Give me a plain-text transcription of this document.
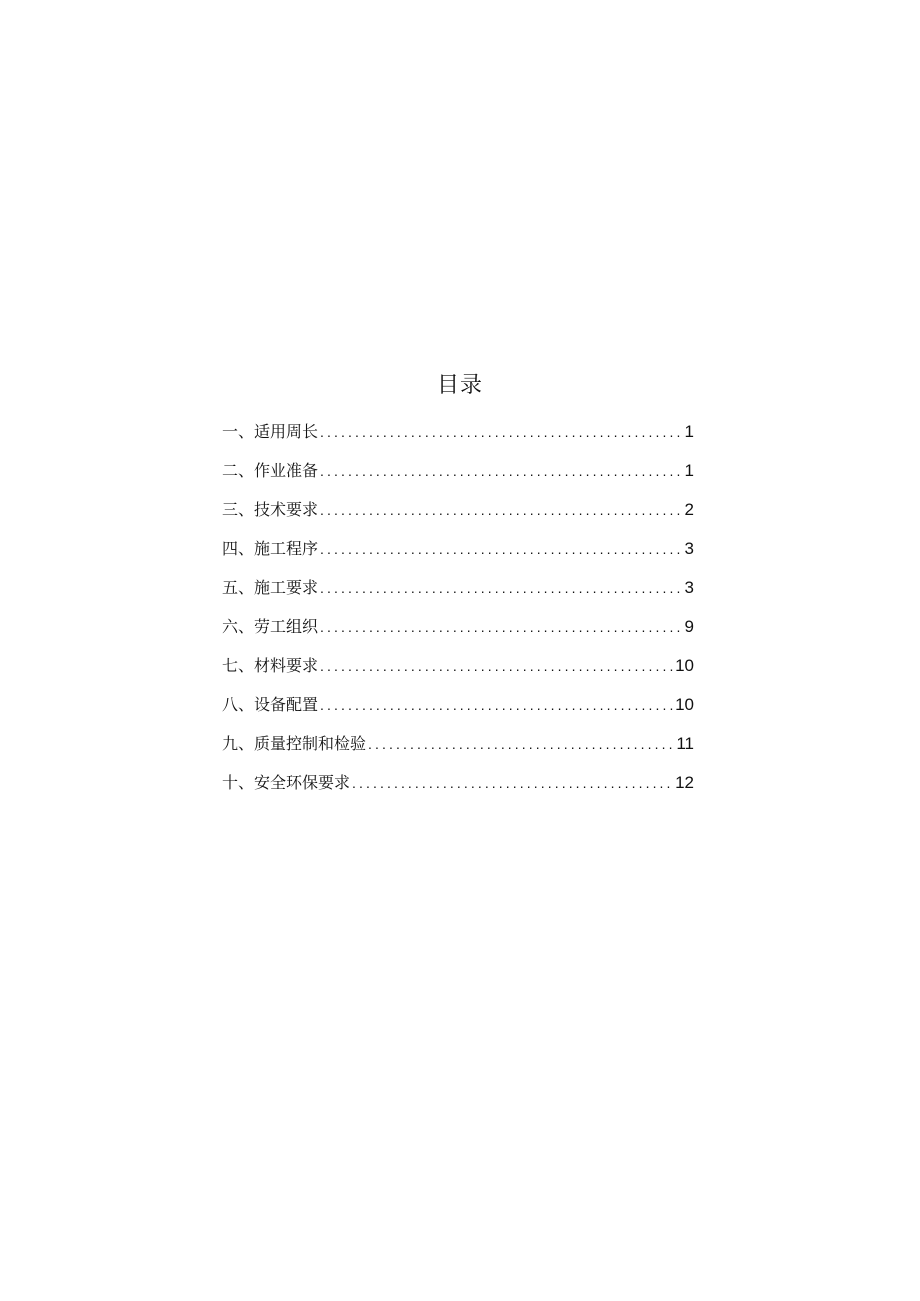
目录
一、适用周长 .....	1
二、作业准备 .....	1
三、技术要求 .....	2
四、施工程序 .....	3
五、施工要求 .....	3
六、劳工组织 .....	9
七、材料要求 .....	10
八、设备配置 .....	10
九、质量控制和检验 .....	11
十、安全环保要求 .....	12
